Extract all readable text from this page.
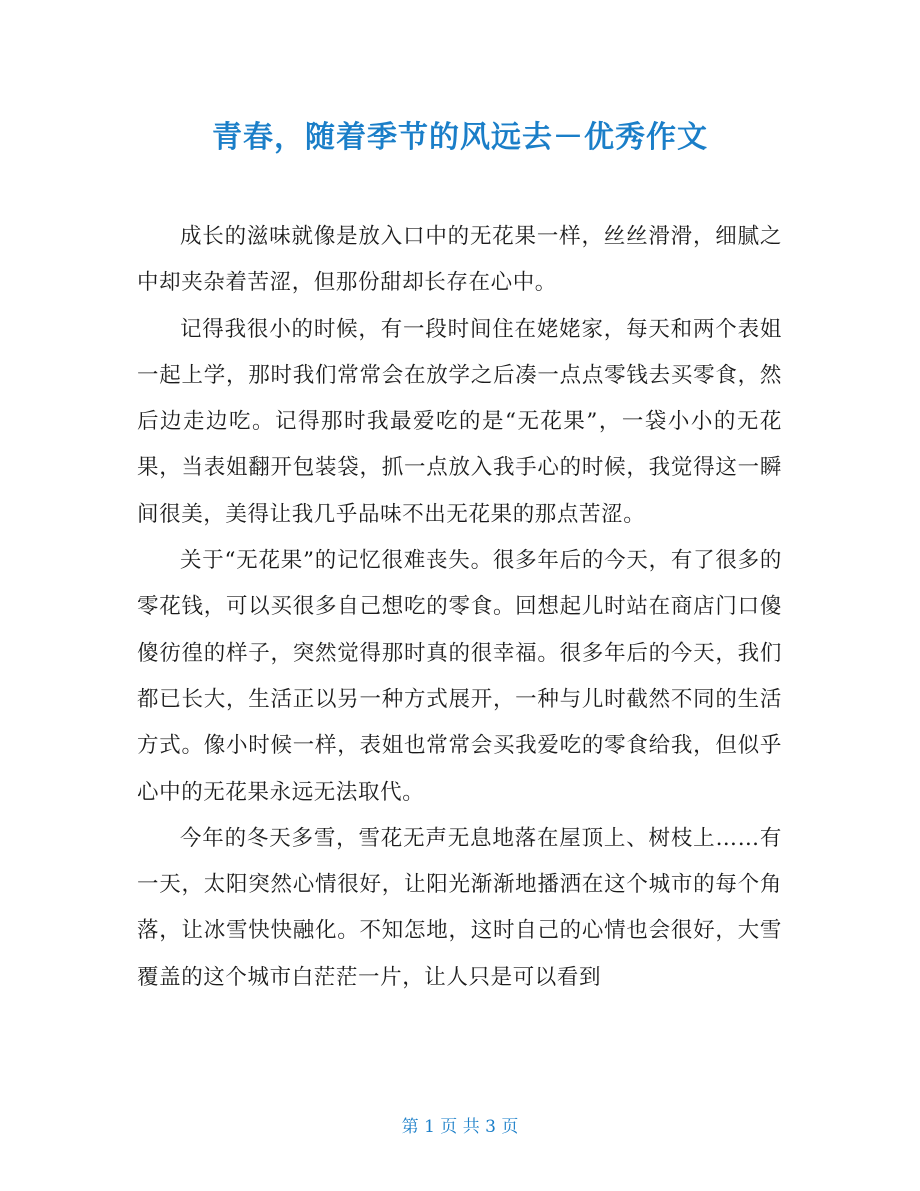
青春，随着季节的风远去－优秀作文

成长的滋味就像是放入口中的无花果一样，丝丝滑滑，细腻之中却夹杂着苦涩，但那份甜却长存在心中。

记得我很小的时候，有一段时间住在姥姥家，每天和两个表姐一起上学，那时我们常常会在放学之后凑一点点零钱去买零食，然后边走边吃。记得那时我最爱吃的是“无花果”，一袋小小的无花果，当表姐翻开包装袋，抓一点放入我手心的时候，我觉得这一瞬间很美，美得让我几乎品味不出无花果的那点苦涩。

关于“无花果”的记忆很难丧失。很多年后的今天，有了很多的零花钱，可以买很多自己想吃的零食。回想起儿时站在商店门口傻傻彷徨的样子，突然觉得那时真的很幸福。很多年后的今天，我们都已长大，生活正以另一种方式展开，一种与儿时截然不同的生活方式。像小时候一样，表姐也常常会买我爱吃的零食给我，但似乎心中的无花果永远无法取代。

今年的冬天多雪，雪花无声无息地落在屋顶上、树枝上……有一天，太阳突然心情很好，让阳光渐渐地播洒在这个城市的每个角落，让冰雪快快融化。不知怎地，这时自己的心情也会很好，大雪覆盖的这个城市白茫茫一片，让人只是可以看到

第 1 页 共 3 页
